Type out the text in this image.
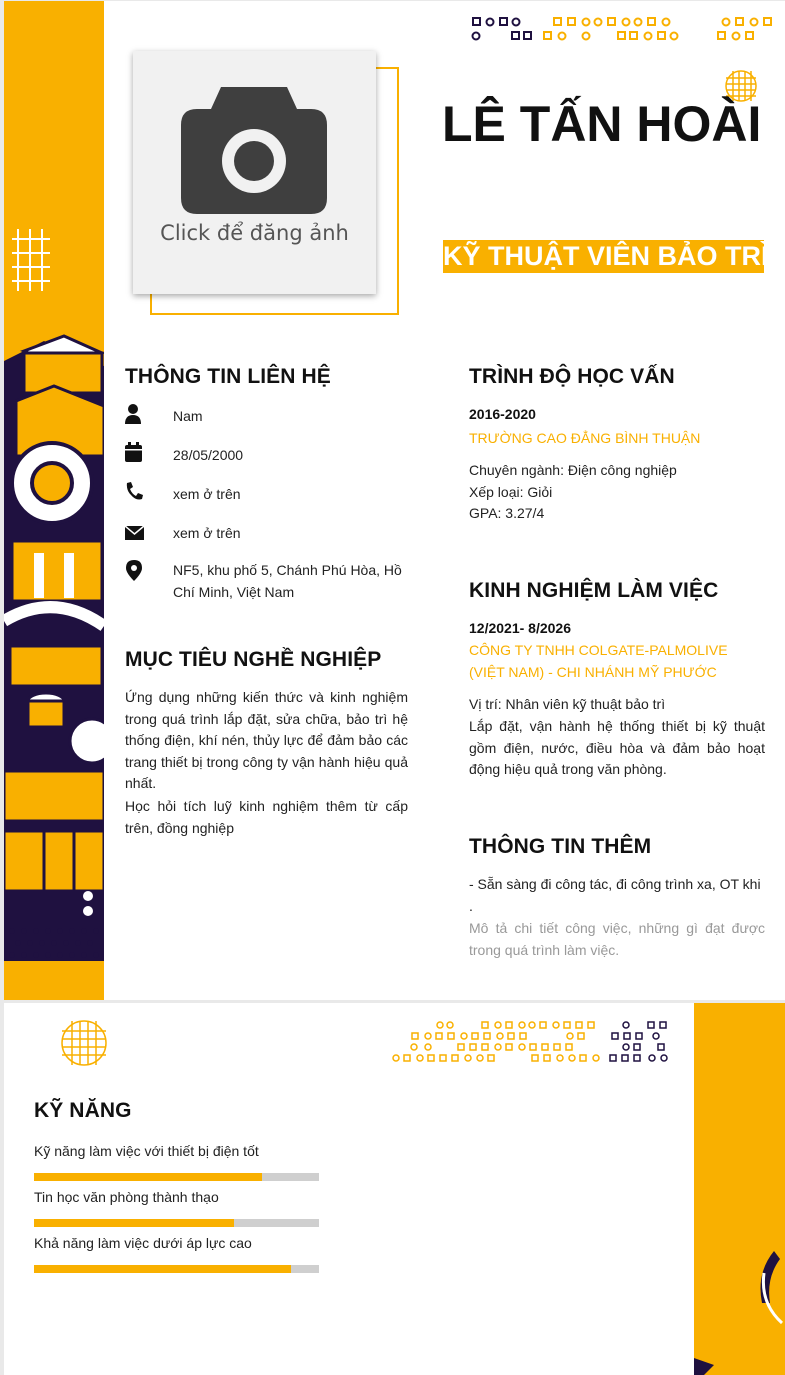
Click để đăng ảnh
LÊ TẤN HOÀI
KỸ THUẬT VIÊN BẢO TRÌ
THÔNG TIN LIÊN HỆ
Nam
28/05/2000
xem ở trên
xem ở trên
NF5, khu phố 5, Chánh Phú Hòa, Hồ Chí Minh, Việt Nam
MỤC TIÊU NGHỀ NGHIỆP
Ứng dụng những kiến thức và kinh nghiệm trong quá trình lắp đặt, sửa chữa, bảo trì hệ thống điện, khí nén, thủy lực để đảm bảo các trang thiết bị trong công ty vận hành hiệu quả nhất.
Học hỏi tích luỹ kinh nghiệm thêm từ cấp trên, đồng nghiệp
TRÌNH ĐỘ HỌC VẤN
2016-2020
TRƯỜNG CAO ĐẲNG BÌNH THUẬN
Chuyên ngành: Điện công nghiệp
Xếp loại: Giỏi
GPA: 3.27/4
KINH NGHIỆM LÀM VIỆC
12/2021- 8/2026
CÔNG TY TNHH COLGATE-PALMOLIVE (VIỆT NAM) - CHI NHÁNH MỸ PHƯỚC
Vị trí: Nhân viên kỹ thuật bảo trì
Lắp đặt, vận hành hệ thống thiết bị kỹ thuật gồm điện, nước, điều hòa và đảm bảo hoạt động hiệu quả trong văn phòng.
THÔNG TIN THÊM
- Sẵn sàng đi công tác, đi công trình xa, OT khi .
Mô tả chi tiết công việc, những gì đạt được trong quá trình làm việc.
KỸ NĂNG
Kỹ năng làm việc với thiết bị điện tốt
Tin học văn phòng thành thạo
Khả năng làm việc dưới áp lực cao
